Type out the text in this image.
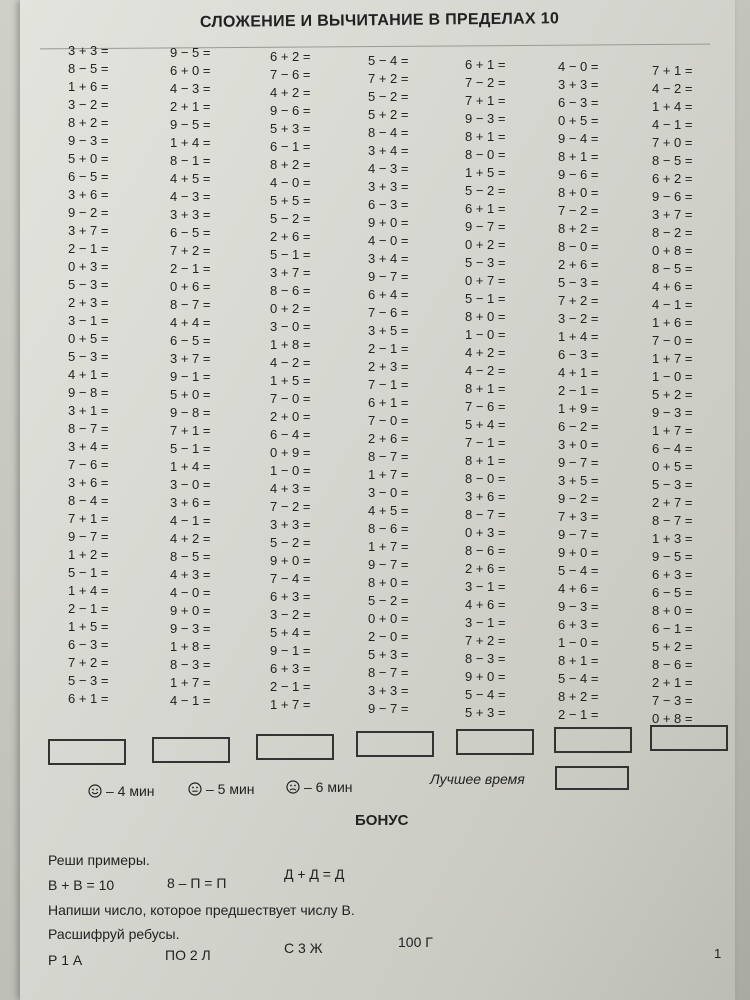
СЛОЖЕНИЕ И ВЫЧИТАНИЕ В ПРЕДЕЛАХ 10
3 + 3 =
8 − 5 =
1 + 6 =
3 − 2 =
8 + 2 =
9 − 3 =
5 + 0 =
6 − 5 =
3 + 6 =
9 − 2 =
3 + 7 =
2 − 1 =
0 + 3 =
5 − 3 =
2 + 3 =
3 − 1 =
0 + 5 =
5 − 3 =
4 + 1 =
9 − 8 =
3 + 1 =
8 − 7 =
3 + 4 =
7 − 6 =
3 + 6 =
8 − 4 =
7 + 1 =
9 − 7 =
1 + 2 =
5 − 1 =
1 + 4 =
2 − 1 =
1 + 5 =
6 − 3 =
7 + 2 =
5 − 3 =
6 + 1 =
9 − 5 =
6 + 0 =
4 − 3 =
2 + 1 =
9 − 5 =
1 + 4 =
8 − 1 =
4 + 5 =
4 − 3 =
3 + 3 =
6 − 5 =
7 + 2 =
2 − 1 =
0 + 6 =
8 − 7 =
4 + 4 =
6 − 5 =
3 + 7 =
9 − 1 =
5 + 0 =
9 − 8 =
7 + 1 =
5 − 1 =
1 + 4 =
3 − 0 =
3 + 6 =
4 − 1 =
4 + 2 =
8 − 5 =
4 + 3 =
4 − 0 =
9 + 0 =
9 − 3 =
1 + 8 =
8 − 3 =
1 + 7 =
4 − 1 =
6 + 2 =
7 − 6 =
4 + 2 =
9 − 6 =
5 + 3 =
6 − 1 =
8 + 2 =
4 − 0 =
5 + 5 =
5 − 2 =
2 + 6 =
5 − 1 =
3 + 7 =
8 − 6 =
0 + 2 =
3 − 0 =
1 + 8 =
4 − 2 =
1 + 5 =
7 − 0 =
2 + 0 =
6 − 4 =
0 + 9 =
1 − 0 =
4 + 3 =
7 − 2 =
3 + 3 =
5 − 2 =
9 + 0 =
7 − 4 =
6 + 3 =
3 − 2 =
5 + 4 =
9 − 1 =
6 + 3 =
2 − 1 =
1 + 7 =
5 − 4 =
7 + 2 =
5 − 2 =
5 + 2 =
8 − 4 =
3 + 4 =
4 − 3 =
3 + 3 =
6 − 3 =
9 + 0 =
4 − 0 =
3 + 4 =
9 − 7 =
6 + 4 =
7 − 6 =
3 + 5 =
2 − 1 =
2 + 3 =
7 − 1 =
6 + 1 =
7 − 0 =
2 + 6 =
8 − 7 =
1 + 7 =
3 − 0 =
4 + 5 =
8 − 6 =
1 + 7 =
9 − 7 =
8 + 0 =
5 − 2 =
0 + 0 =
2 − 0 =
5 + 3 =
8 − 7 =
3 + 3 =
9 − 7 =
6 + 1 =
7 − 2 =
7 + 1 =
9 − 3 =
8 + 1 =
8 − 0 =
1 + 5 =
5 − 2 =
6 + 1 =
9 − 7 =
0 + 2 =
5 − 3 =
0 + 7 =
5 − 1 =
8 + 0 =
1 − 0 =
4 + 2 =
4 − 2 =
8 + 1 =
7 − 6 =
5 + 4 =
7 − 1 =
8 + 1 =
8 − 0 =
3 + 6 =
8 − 7 =
0 + 3 =
8 − 6 =
2 + 6 =
3 − 1 =
4 + 6 =
3 − 1 =
7 + 2 =
8 − 3 =
9 + 0 =
5 − 4 =
5 + 3 =
4 − 0 =
3 + 3 =
6 − 3 =
0 + 5 =
9 − 4 =
8 + 1 =
9 − 6 =
8 + 0 =
7 − 2 =
8 + 2 =
8 − 0 =
2 + 6 =
5 − 3 =
7 + 2 =
3 − 2 =
1 + 4 =
6 − 3 =
4 + 1 =
2 − 1 =
1 + 9 =
6 − 2 =
3 + 0 =
9 − 7 =
3 + 5 =
9 − 2 =
7 + 3 =
9 − 7 =
9 + 0 =
5 − 4 =
4 + 6 =
9 − 3 =
6 + 3 =
1 − 0 =
8 + 1 =
5 − 4 =
8 + 2 =
2 − 1 =
7 + 1 =
4 − 2 =
1 + 4 =
4 − 1 =
7 + 0 =
8 − 5 =
6 + 2 =
9 − 6 =
3 + 7 =
8 − 2 =
0 + 8 =
8 − 5 =
4 + 6 =
4 − 1 =
1 + 6 =
7 − 0 =
1 + 7 =
1 − 0 =
5 + 2 =
9 − 3 =
1 + 7 =
6 − 4 =
0 + 5 =
5 − 3 =
2 + 7 =
8 − 7 =
1 + 3 =
9 − 5 =
6 + 3 =
6 − 5 =
8 + 0 =
6 − 1 =
5 + 2 =
8 − 6 =
2 + 1 =
7 − 3 =
0 + 8 =
– 4 мин	– 5 мин	– 6 мин	Лучшее время
БОНУС
Реши примеры.
В + В = 10	8 – П = П
Д + Д = Д
Напиши число, которое предшествует числу В.
Расшифруй ребусы.
Р 1 А	ПО 2 Л	С 3 Ж	100 Г
1
